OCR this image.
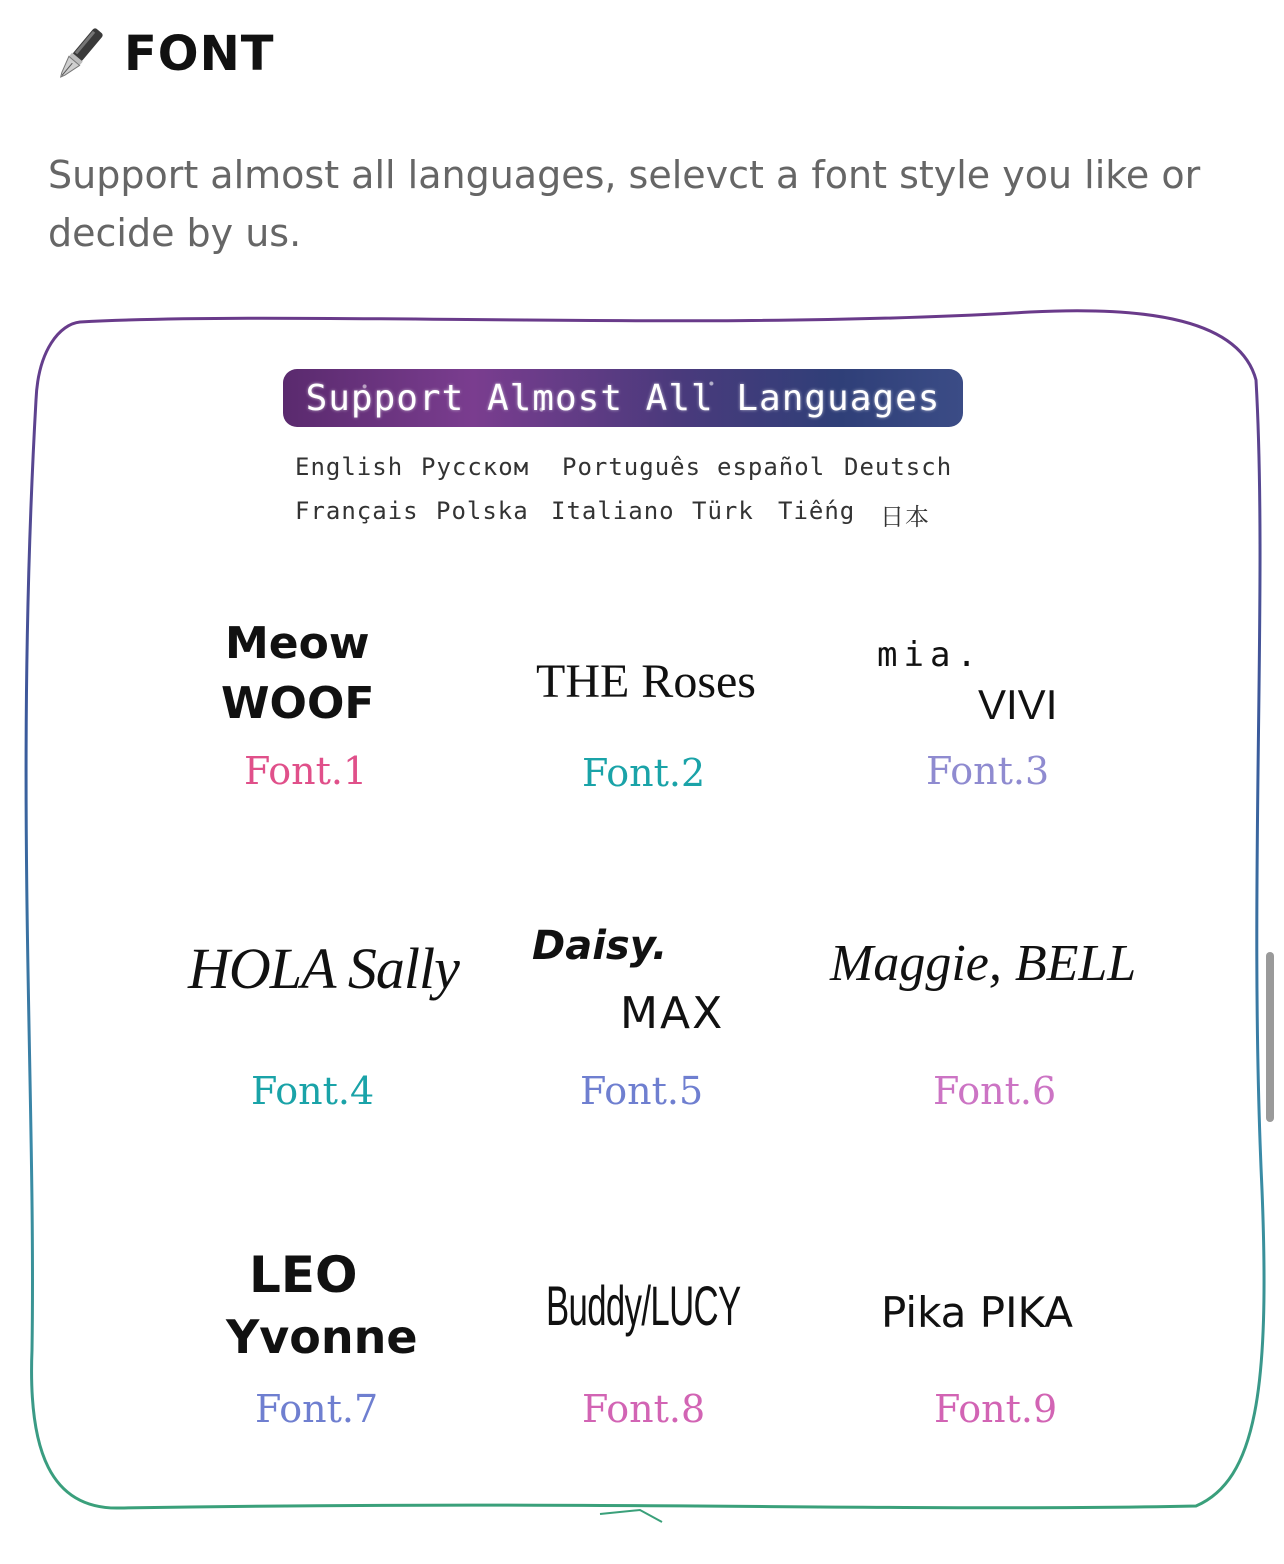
FONT
Support almost all languages, selevct a font style you like or decide by us.
Support Almost All Languages
English Русском	Português español Deutsch
Français Polska Italiano Türk	Tiếng	日本
Meow
WOOF
Font.1
THE Roses
Font.2
mia.
VIVI
Font.3
HOLA Sally
Font.4
Daisy.
MAX
Font.5
Maggie, BELL
Font.6
LEO
Yvonne
Font.7
Buddy/LUCY
Font.8
Pika PIKA
Font.9
